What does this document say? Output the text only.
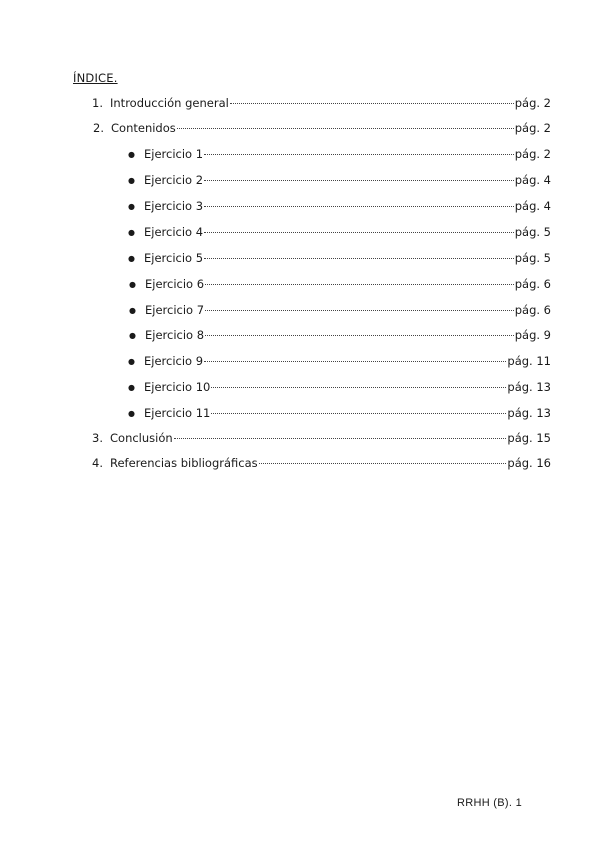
ÍNDICE.
1. Introducción general	pág. 2
2. Contenidos	pág. 2
● Ejercicio 1	pág. 2
● Ejercicio 2	pág. 4
● Ejercicio 3	pág. 4
● Ejercicio 4	pág. 5
● Ejercicio 5	pág. 5
● Ejercicio 6	pág. 6
● Ejercicio 7	pág. 6
● Ejercicio 8	pág. 9
● Ejercicio 9	pág. 11
● Ejercicio 10	pág. 13
● Ejercicio 11	pág. 13
3. Conclusión	pág. 15
4. Referencias bibliográficas	pág. 16
RRHH (B). 1
